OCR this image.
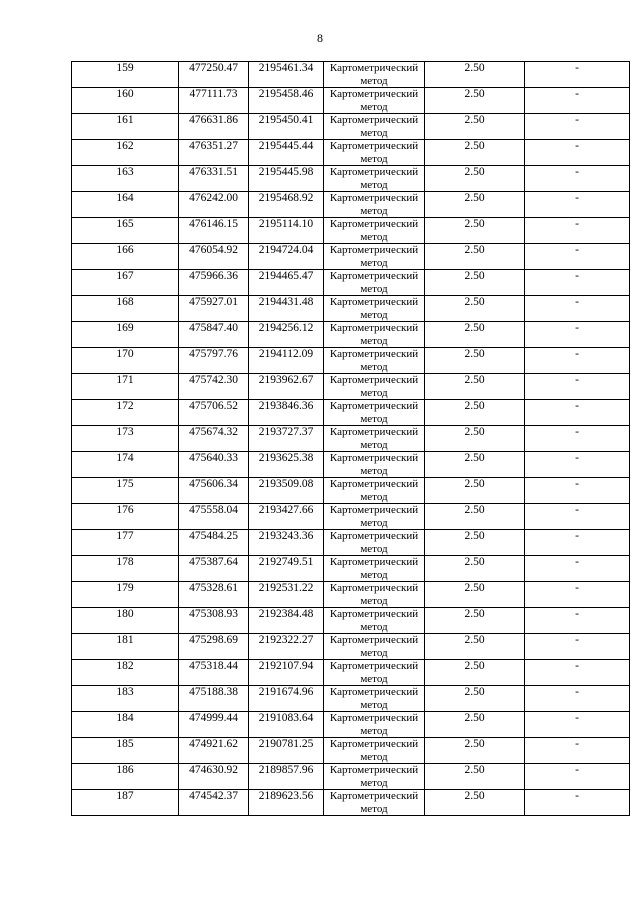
8
159	477250.47	2195461.34	Картометрический метод	2.50	-
160	477111.73	2195458.46	Картометрический метод	2.50	-
161	476631.86	2195450.41	Картометрический метод	2.50	-
162	476351.27	2195445.44	Картометрический метод	2.50	-
163	476331.51	2195445.98	Картометрический метод	2.50	-
164	476242.00	2195468.92	Картометрический метод	2.50	-
165	476146.15	2195114.10	Картометрический метод	2.50	-
166	476054.92	2194724.04	Картометрический метод	2.50	-
167	475966.36	2194465.47	Картометрический метод	2.50	-
168	475927.01	2194431.48	Картометрический метод	2.50	-
169	475847.40	2194256.12	Картометрический метод	2.50	-
170	475797.76	2194112.09	Картометрический метод	2.50	-
171	475742.30	2193962.67	Картометрический метод	2.50	-
172	475706.52	2193846.36	Картометрический метод	2.50	-
173	475674.32	2193727.37	Картометрический метод	2.50	-
174	475640.33	2193625.38	Картометрический метод	2.50	-
175	475606.34	2193509.08	Картометрический метод	2.50	-
176	475558.04	2193427.66	Картометрический метод	2.50	-
177	475484.25	2193243.36	Картометрический метод	2.50	-
178	475387.64	2192749.51	Картометрический метод	2.50	-
179	475328.61	2192531.22	Картометрический метод	2.50	-
180	475308.93	2192384.48	Картометрический метод	2.50	-
181	475298.69	2192322.27	Картометрический метод	2.50	-
182	475318.44	2192107.94	Картометрический метод	2.50	-
183	475188.38	2191674.96	Картометрический метод	2.50	-
184	474999.44	2191083.64	Картометрический метод	2.50	-
185	474921.62	2190781.25	Картометрический метод	2.50	-
186	474630.92	2189857.96	Картометрический метод	2.50	-
187	474542.37	2189623.56	Картометрический метод	2.50	-
